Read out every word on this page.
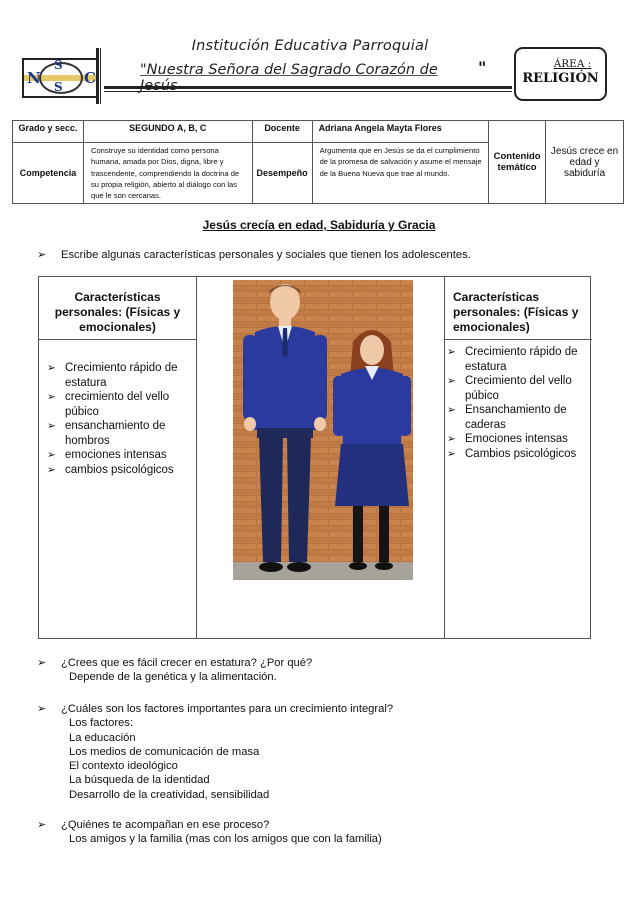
N
S
S C
Institución Educativa Parroquial
"Nuestra Señora del Sagrado Corazón de	"	ÁREA :
RELIGIÓN
Grado y secc.	SEGUNDO A, B, C	Docente	Adriana Angela Mayta Flores	Contenido temático	Jesús crece en edad y sabiduría
Competencia	Construye su identidad como persona humana, amada por Dios, digna, libre y trascendente, comprendiendo la doctrina de su propia religión, abierto al diálogo con las que le son cercanas.	Desempeño	Argumenta que en Jesús se da el cumplimiento de la promesa de salvación y asume el mensaje de la Buena Nueva que trae al mundo.		
Jesús crecía en edad, Sabiduría y Gracia
➢ Escribe algunas características personales y sociales que tienen los adolescentes.
Características personales: (Físicas y emocionales)
➢ Crecimiento rápido de estatura
➢ crecimiento del vello púbico
➢ ensanchamiento de hombros
➢ emociones intensas
➢ cambios psicológicos
Características personales: (Físicas y emocionales)
➢ Crecimiento rápido de estatura
➢ Crecimiento del vello púbico
➢ Ensanchamiento de caderas
➢ Emociones intensas
➢ Cambios psicológicos
➢ ¿Crees que es fácil crecer en estatura? ¿Por qué?
Depende de la genética y la alimentación.
➢ ¿Cuáles son los factores importantes para un crecimiento integral?
Los factores:
La educación
Los medios de comunicación de masa
El contexto ideológico
La búsqueda de la identidad
Desarrollo de la creatividad, sensibilidad
➢ ¿Quiénes te acompañan en ese proceso?
Los amigos y la familia (mas con los amigos que con la familia)
